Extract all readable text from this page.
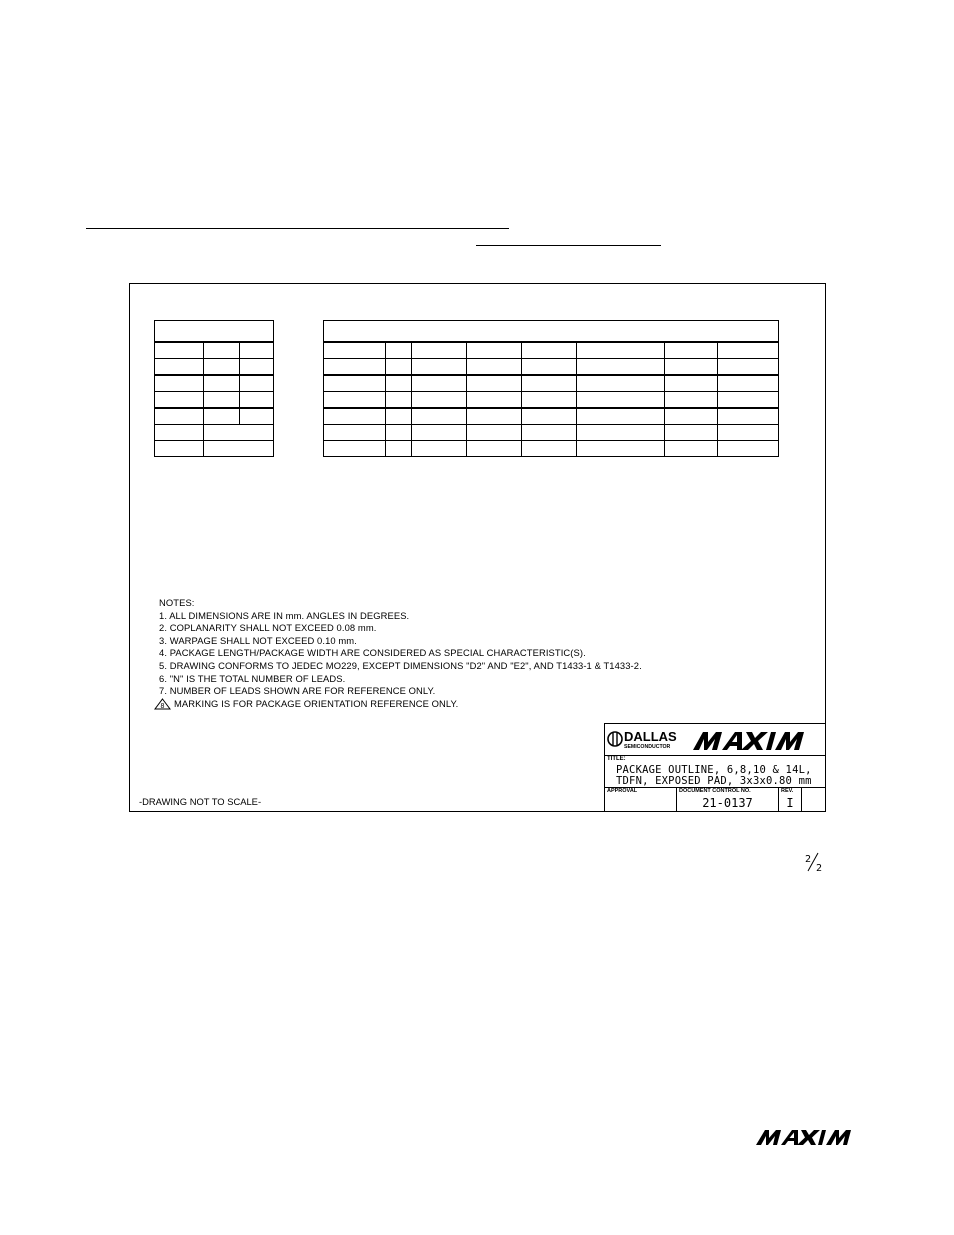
NOTES:
1. ALL DIMENSIONS ARE IN mm. ANGLES IN DEGREES.
2. COPLANARITY SHALL NOT EXCEED 0.08 mm.
3. WARPAGE SHALL NOT EXCEED 0.10 mm.
4. PACKAGE LENGTH/PACKAGE WIDTH ARE CONSIDERED AS SPECIAL CHARACTERISTIC(S).
5. DRAWING CONFORMS TO JEDEC MO229, EXCEPT DIMENSIONS "D2" AND "E2", AND T1433-1 & T1433-2.
6. "N" IS THE TOTAL NUMBER OF LEADS.
7. NUMBER OF LEADS SHOWN ARE FOR REFERENCE ONLY.
8 MARKING IS FOR PACKAGE ORIENTATION REFERENCE ONLY.
-DRAWING NOT TO SCALE-
DALLAS
SEMICONDUCTOR
TITLE:
PACKAGE OUTLINE, 6,8,10 & 14L,
TDFN, EXPOSED PAD, 3x3x0.80 mm
APPROVAL	DOCUMENT CONTROL NO.
21-0137
REV.
I
2
2
